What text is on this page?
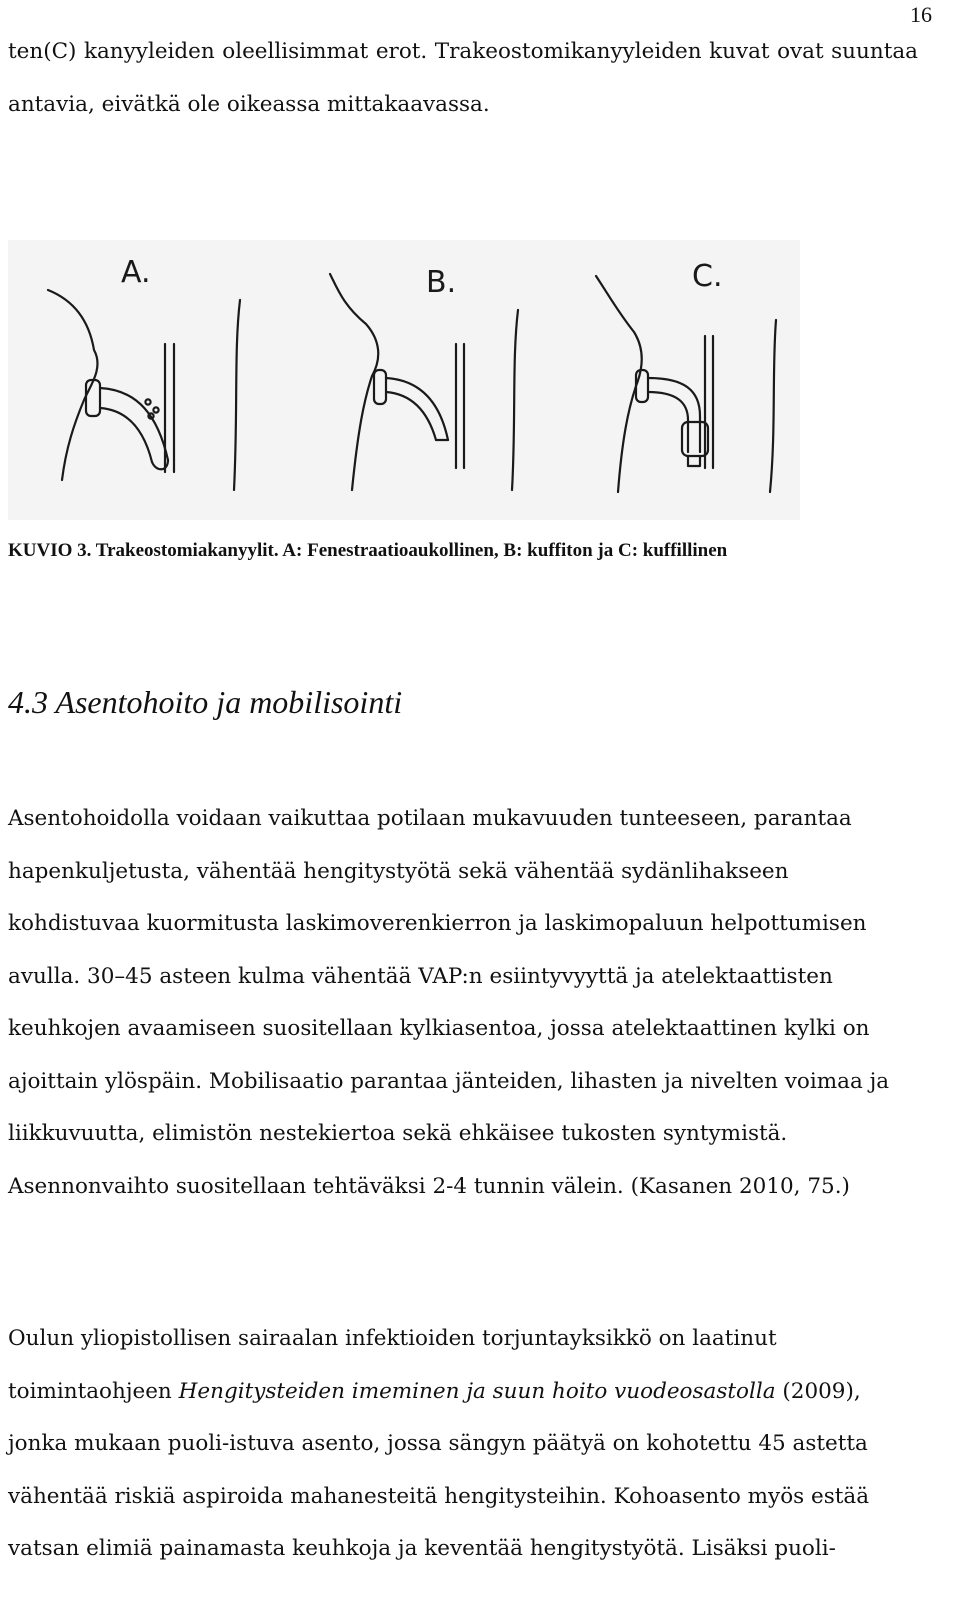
16

ten(C) kanyyleiden oleellisimmat erot. Trakeostomikanyyleiden kuvat ovat suuntaa antavia, eivätkä ole oikeassa mittakaavassa.

A.	B.	C.
KUVIO 3. Trakeostomiakanyylit. A: Fenestraatioaukollinen, B: kuffiton ja C: kuffillinen
4.3 Asentohoito ja mobilisointi

Asentohoidolla voidaan vaikuttaa potilaan mukavuuden tunteeseen, parantaa hapenkuljetusta, vähentää hengitystyötä sekä vähentää sydänlihakseen kohdistuvaa kuormitusta laskimoverenkierron ja laskimopaluun helpottumisen avulla. 30–45 asteen kulma vähentää VAP:n esiintyvyyttä ja atelektaattisten keuhkojen avaamiseen suositellaan kylkiasentoa, jossa atelektaattinen kylki on ajoittain ylöspäin. Mobilisaatio parantaa jänteiden, lihasten ja nivelten voimaa ja liikkuvuutta, elimistön nestekiertoa sekä ehkäisee tukosten syntymistä. Asennonvaihto suositellaan tehtäväksi 2-4 tunnin välein. (Kasanen 2010, 75.)

Oulun yliopistollisen sairaalan infektioiden torjuntayksikkö on laatinut toimintaohjeen Hengitysteiden imeminen ja suun hoito vuodeosastolla (2009), jonka mukaan puoli-istuva asento, jossa sängyn päätyä on kohotettu 45 astetta vähentää riskiä aspiroida mahanesteitä hengitysteihin. Kohoasento myös estää vatsan elimiä painamasta keuhkoja ja keventää hengitystyötä. Lisäksi puoli-
